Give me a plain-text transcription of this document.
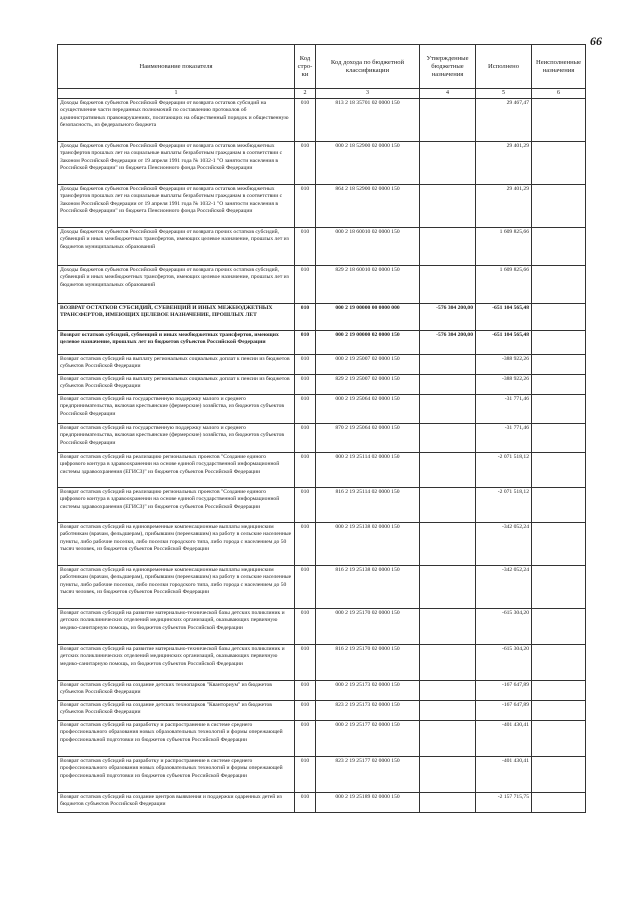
66
Наименование показателя	Код стро-ки	Код дохода по бюджетной классификации	Утвержденные бюджетные назначения	Исполнено	Неисполненные назначения
1	2	3	4	5	6
Доходы бюджетов субъектов Российской Федерации от возврата остатков субсидий на осуществление части переданных полномочий по составлению протоколов об административных правонарушениях, посягающих на общественный порядок и общественную безопасность, из федерального бюджета	010	813 2 18 35701 02 0000 150		29 467,47	
Доходы бюджетов субъектов Российской Федерации от возврата остатков межбюджетных трансфертов прошлых лет на социальные выплаты безработным гражданам в соответствии с Законом Российской Федерации от 19 апреля 1991 года № 1032-1 "О занятости населения в Российской Федерации" из бюджета Пенсионного фонда Российской Федерации	010	000 2 18 52900 02 0000 150		29 401,29	
Доходы бюджетов субъектов Российской Федерации от возврата остатков межбюджетных трансфертов прошлых лет на социальные выплаты безработным гражданам в соответствии с Законом Российской Федерации от 19 апреля 1991 года № 1032-1 "О занятости населения в Российской Федерации" из бюджета Пенсионного фонда Российской Федерации	010	864 2 18 52900 02 0000 150		29 401,29	
Доходы бюджетов субъектов Российской Федерации от возврата прочих остатков субсидий, субвенций и иных межбюджетных трансфертов, имеющих целевое назначение, прошлых лет из бюджетов муниципальных образований	010	000 2 18 60010 02 0000 150		1 609 825,66	
Доходы бюджетов субъектов Российской Федерации от возврата прочих остатков субсидий, субвенций и иных межбюджетных трансфертов, имеющих целевое назначение, прошлых лет из бюджетов муниципальных образований	010	829 2 18 60010 02 0000 150		1 609 825,66	
ВОЗВРАТ ОСТАТКОВ СУБСИДИЙ, СУБВЕНЦИЙ И ИНЫХ МЕЖБЮДЖЕТНЫХ ТРАНСФЕРТОВ, ИМЕЮЩИХ ЦЕЛЕВОЕ НАЗНАЧЕНИЕ, ПРОШЛЫХ ЛЕТ	010	000 2 19 00000 00 0000 000	-576 304 200,00	-651 104 565,48	
Возврат остатков субсидий, субвенций и иных межбюджетных трансфертов, имеющих целевое назначение, прошлых лет из бюджетов субъектов Российской Федерации	010	000 2 19 00000 02 0000 150	-576 304 200,00	-651 104 565,48	
Возврат остатков субсидий на выплату региональных социальных доплат к пенсии из бюджетов субъектов Российской Федерации	010	000 2 19 25007 02 0000 150		-388 922,26	
Возврат остатков субсидий на выплату региональных социальных доплат к пенсии из бюджетов субъектов Российской Федерации	010	829 2 19 25007 02 0000 150		-388 922,26	
Возврат остатков субсидий на государственную поддержку малого и среднего предпринимательства, включая крестьянские (фермерские) хозяйства, из бюджетов субъектов Российской Федерации	010	000 2 19 25064 02 0000 150		-31 771,46	
Возврат остатков субсидий на государственную поддержку малого и среднего предпринимательства, включая крестьянские (фермерские) хозяйства, из бюджетов субъектов Российской Федерации	010	870 2 19 25064 02 0000 150		-31 771,46	
Возврат остатков субсидий на реализацию региональных проектов "Создание единого цифрового контура в здравоохранении на основе единой государственной информационной системы здравоохранения (ЕГИСЗ)" из бюджетов субъектов Российской Федерации	010	000 2 19 25114 02 0000 150		-2 071 518,12	
Возврат остатков субсидий на реализацию региональных проектов "Создание единого цифрового контура в здравоохранении на основе единой государственной информационной системы здравоохранения (ЕГИСЗ)" из бюджетов субъектов Российской Федерации	010	816 2 19 25114 02 0000 150		-2 071 518,12	
Возврат остатков субсидий на единовременные компенсационные выплаты медицинским работникам (врачам, фельдшерам), прибывшим (переехавшим) на работу в сельские населенные пункты, либо рабочие поселки, либо поселки городского типа, либо города с населением до 50 тысяч человек, из бюджетов субъектов Российской Федерации	010	000 2 19 25138 02 0000 150		-342 052,24	
Возврат остатков субсидий на единовременные компенсационные выплаты медицинским работникам (врачам, фельдшерам), прибывшим (переехавшим) на работу в сельские населенные пункты, либо рабочие поселки, либо поселки городского типа, либо города с населением до 50 тысяч человек, из бюджетов субъектов Российской Федерации	010	816 2 19 25138 02 0000 150		-342 052,24	
Возврат остатков субсидий на развитие материально-технической базы детских поликлиник и детских поликлинических отделений медицинских организаций, оказывающих первичную медико-санитарную помощь, из бюджетов субъектов Российской Федерации	010	000 2 19 25170 02 0000 150		-615 304,20	
Возврат остатков субсидий на развитие материально-технической базы детских поликлиник и детских поликлинических отделений медицинских организаций, оказывающих первичную медико-санитарную помощь, из бюджетов субъектов Российской Федерации	010	816 2 19 25170 02 0000 150		-615 304,20	
Возврат остатков субсидий на создание детских технопарков "Кванториум" из бюджетов субъектов Российской Федерации	010	000 2 19 25173 02 0000 150		-167 647,89	
Возврат остатков субсидий на создание детских технопарков "Кванториум" из бюджетов субъектов Российской Федерации	010	823 2 19 25173 02 0000 150		-167 647,89	
Возврат остатков субсидий на разработку и распространение в системе среднего профессионального образования новых образовательных технологий и формы опережающей профессиональной подготовки из бюджетов субъектов Российской Федерации	010	000 2 19 25177 02 0000 150		-401 430,41	
Возврат остатков субсидий на разработку и распространение в системе среднего профессионального образования новых образовательных технологий и формы опережающей профессиональной подготовки из бюджетов субъектов Российской Федерации	010	823 2 19 25177 02 0000 150		-401 430,41	
Возврат остатков субсидий на создание центров выявления и поддержки одаренных детей из бюджетов субъектов Российской Федерации	010	000 2 19 25189 02 0000 150		-2 157 715,75	
